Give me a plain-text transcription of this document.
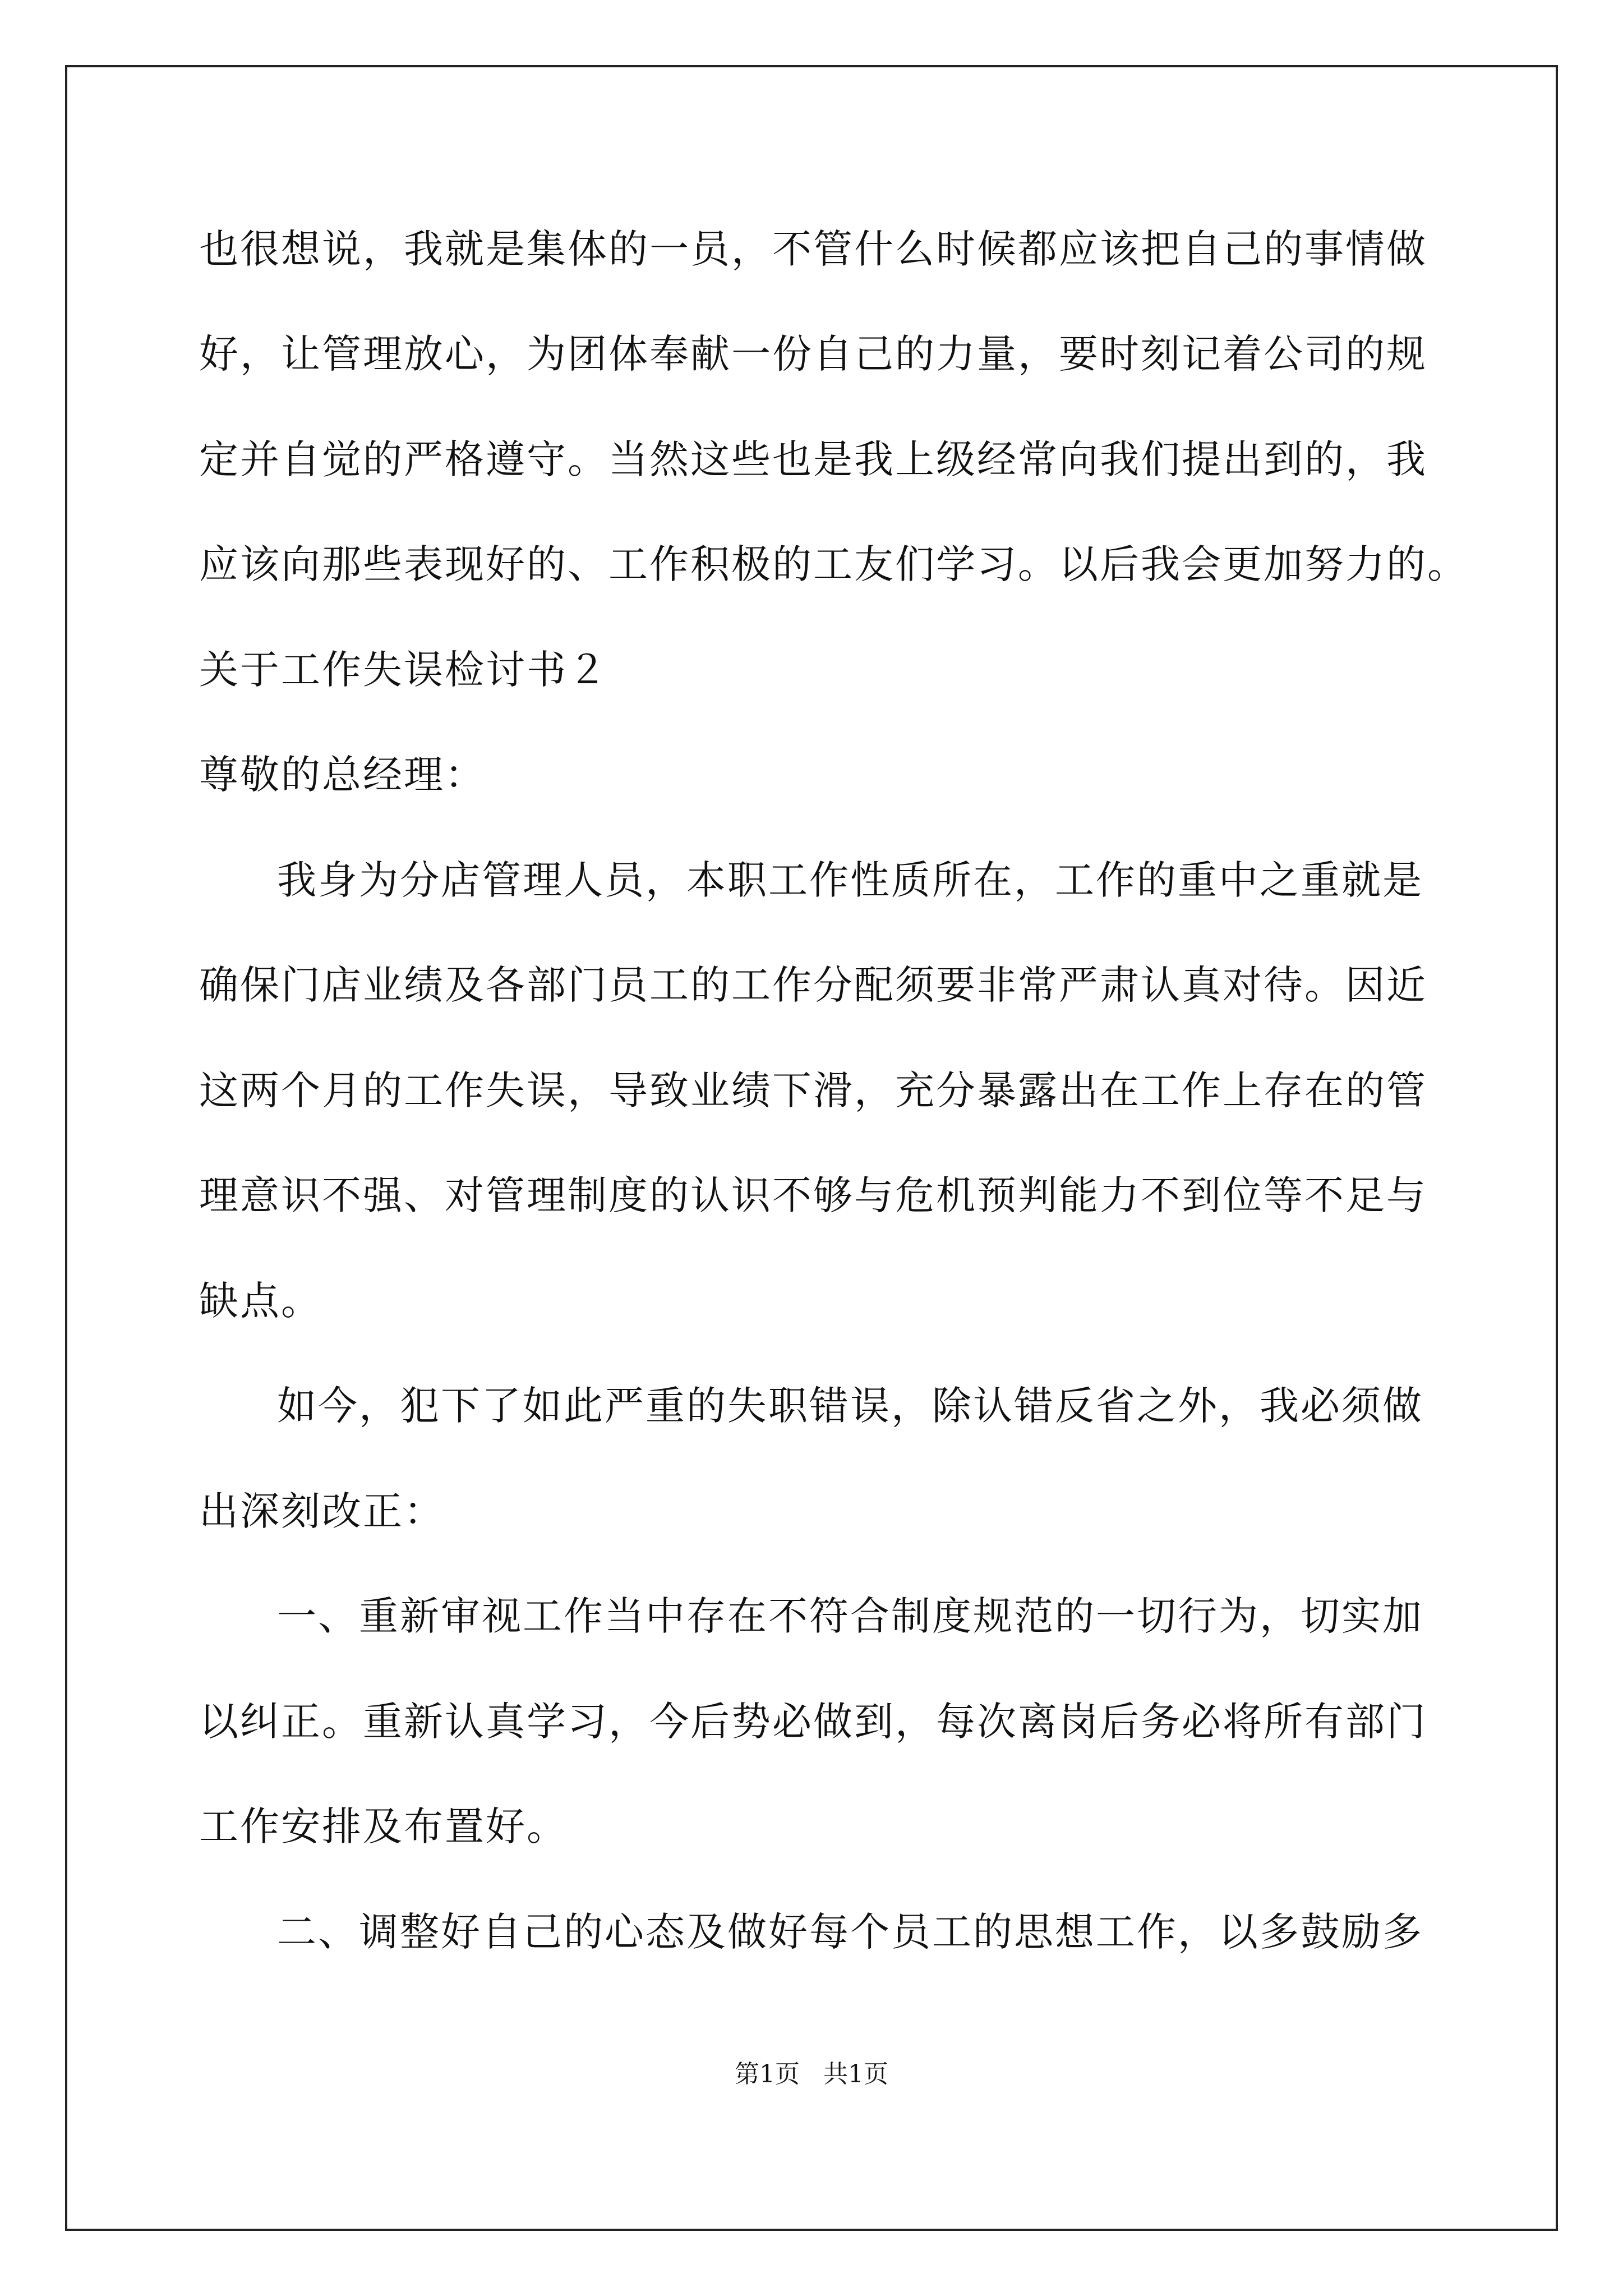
也很想说，我就是集体的一员，不管什么时候都应该把自己的事情做
好，让管理放心，为团体奉献一份自己的力量，要时刻记着公司的规
定并自觉的严格遵守。当然这些也是我上级经常向我们提出到的，我
应该向那些表现好的、工作积极的工友们学习。以后我会更加努力的。
关于工作失误检讨书２
尊敬的总经理：
我身为分店管理人员，本职工作性质所在，工作的重中之重就是
确保门店业绩及各部门员工的工作分配须要非常严肃认真对待。因近
这两个月的工作失误，导致业绩下滑，充分暴露出在工作上存在的管
理意识不强、对管理制度的认识不够与危机预判能力不到位等不足与
缺点。
如今，犯下了如此严重的失职错误，除认错反省之外，我必须做
出深刻改正：
一、重新审视工作当中存在不符合制度规范的一切行为，切实加
以纠正。重新认真学习，今后势必做到，每次离岗后务必将所有部门
工作安排及布置好。
二、调整好自己的心态及做好每个员工的思想工作，以多鼓励多
第1页   共1页
